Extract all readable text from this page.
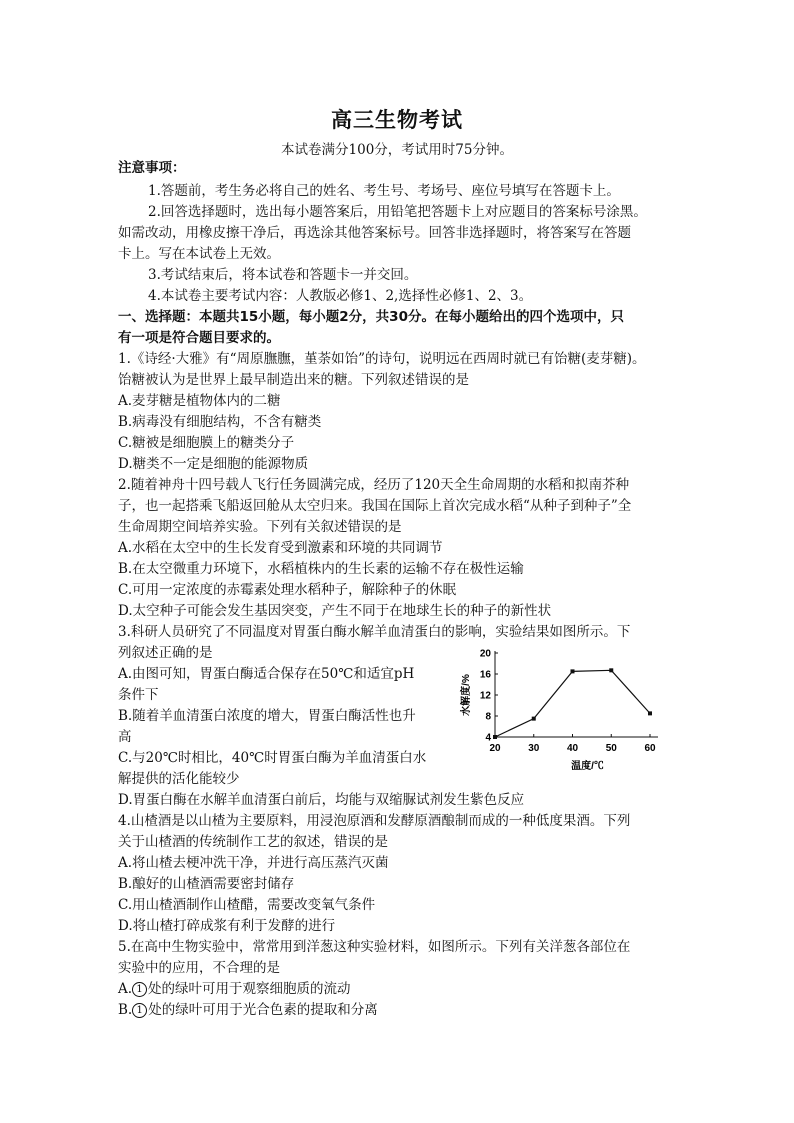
高三生物考试
本试卷满分100分，考试用时75分钟。
注意事项：
1.答题前，考生务必将自己的姓名、考生号、考场号、座位号填写在答题卡上。
2.回答选择题时，选出每小题答案后，用铅笔把答题卡上对应题目的答案标号涂黑。
如需改动，用橡皮擦干净后，再选涂其他答案标号。回答非选择题时，将答案写在答题
卡上。写在本试卷上无效。
3.考试结束后，将本试卷和答题卡一并交回。
4.本试卷主要考试内容：人教版必修1、2,选择性必修1、2、3。
一、选择题：本题共15小题，每小题2分，共30分。在每小题给出的四个选项中，只
有一项是符合题目要求的。
1.《诗经·大雅》有“周原膴膴，堇荼如饴”的诗句，说明远在西周时就已有饴糖(麦芽糖)。
饴糖被认为是世界上最早制造出来的糖。下列叙述错误的是
A.麦芽糖是植物体内的二糖
B.病毒没有细胞结构，不含有糖类
C.糖被是细胞膜上的糖类分子
D.糖类不一定是细胞的能源物质
2.随着神舟十四号载人飞行任务圆满完成，经历了120天全生命周期的水稻和拟南芥种
子，也一起搭乘飞船返回舱从太空归来。我国在国际上首次完成水稻“从种子到种子”全
生命周期空间培养实验。下列有关叙述错误的是
A.水稻在太空中的生长发育受到激素和环境的共同调节
B.在太空微重力环境下，水稻植株内的生长素的运输不存在极性运输
C.可用一定浓度的赤霉素处理水稻种子，解除种子的休眠
D.太空种子可能会发生基因突变，产生不同于在地球生长的种子的新性状
3.科研人员研究了不同温度对胃蛋白酶水解羊血清蛋白的影响，实验结果如图所示。下
列叙述正确的是
A.由图可知，胃蛋白酶适合保存在50℃和适宜pH
条件下
B.随着羊血清蛋白浓度的增大，胃蛋白酶活性也升
高
C.与20℃时相比，40℃时胃蛋白酶为羊血清蛋白水
解提供的活化能较少
D.胃蛋白酶在水解羊血清蛋白前后，均能与双缩脲试剂发生紫色反应
4
8
12
16
20
20	30	40	50	60
温度/℃
水解度/%
4.山楂酒是以山楂为主要原料，用浸泡原酒和发酵原酒酿制而成的一种低度果酒。下列
关于山楂酒的传统制作工艺的叙述，错误的是
A.将山楂去梗冲洗干净，并进行高压蒸汽灭菌
B.酿好的山楂酒需要密封储存
C.用山楂酒制作山楂醋，需要改变氧气条件
D.将山楂打碎成浆有利于发酵的进行
5.在高中生物实验中，常常用到洋葱这种实验材料，如图所示。下列有关洋葱各部位在
实验中的应用，不合理的是
A. 1 处的绿叶可用于观察细胞质的流动
B. 1 处的绿叶可用于光合色素的提取和分离
